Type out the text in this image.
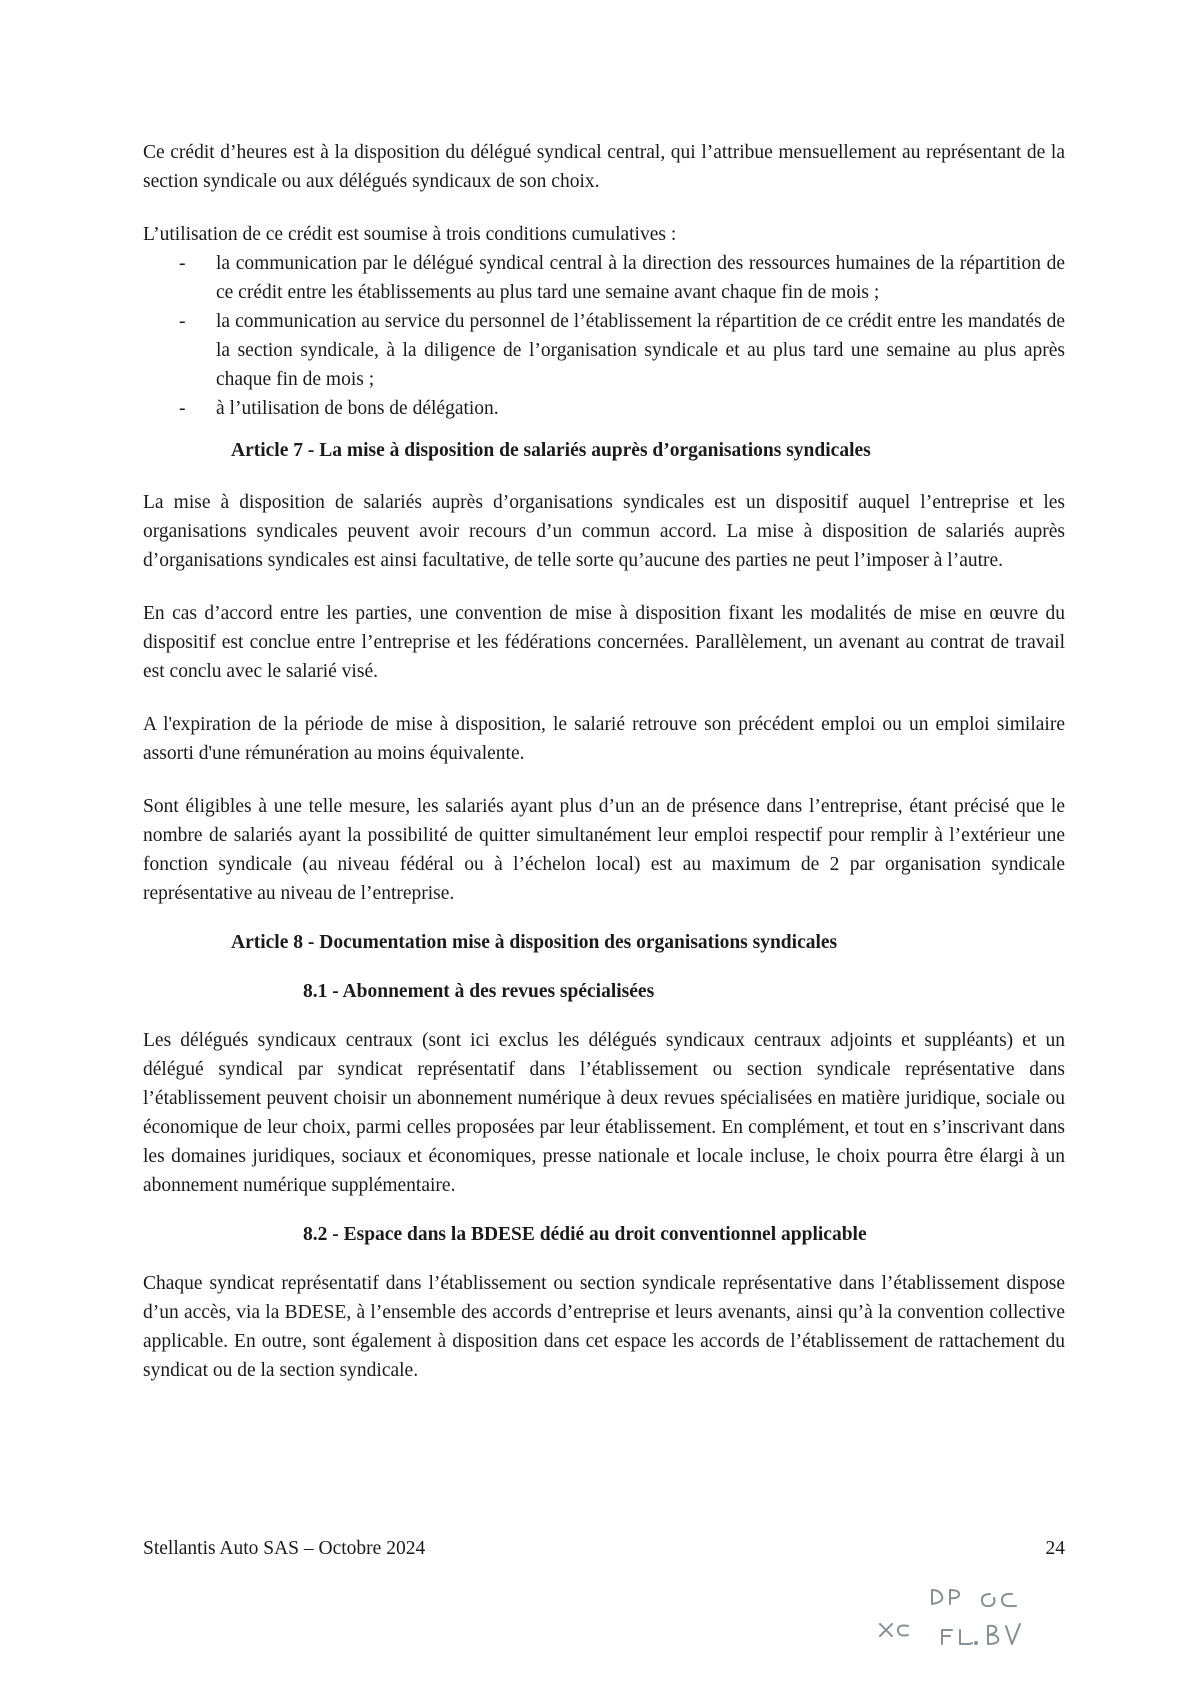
Ce crédit d’heures est à la disposition du délégué syndical central, qui l’attribue mensuellement au représentant de la section syndicale ou aux délégués syndicaux de son choix.

L’utilisation de ce crédit est soumise à trois conditions cumulatives :

- la communication par le délégué syndical central à la direction des ressources humaines de la répartition de ce crédit entre les établissements au plus tard une semaine avant chaque fin de mois ;
- la communication au service du personnel de l’établissement la répartition de ce crédit entre les mandatés de la section syndicale, à la diligence de l’organisation syndicale et au plus tard une semaine au plus après chaque fin de mois ;
- à l’utilisation de bons de délégation.
Article 7 - La mise à disposition de salariés auprès d’organisations syndicales

La mise à disposition de salariés auprès d’organisations syndicales est un dispositif auquel l’entreprise et les organisations syndicales peuvent avoir recours d’un commun accord. La mise à disposition de salariés auprès d’organisations syndicales est ainsi facultative, de telle sorte qu’aucune des parties ne peut l’imposer à l’autre.

En cas d’accord entre les parties, une convention de mise à disposition fixant les modalités de mise en œuvre du dispositif est conclue entre l’entreprise et les fédérations concernées. Parallèlement, un avenant au contrat de travail est conclu avec le salarié visé.

A l'expiration de la période de mise à disposition, le salarié retrouve son précédent emploi ou un emploi similaire assorti d'une rémunération au moins équivalente.

Sont éligibles à une telle mesure, les salariés ayant plus d’un an de présence dans l’entreprise, étant précisé que le nombre de salariés ayant la possibilité de quitter simultanément leur emploi respectif pour remplir à l’extérieur une fonction syndicale (au niveau fédéral ou à l’échelon local) est au maximum de 2 par organisation syndicale représentative au niveau de l’entreprise.

Article 8 - Documentation mise à disposition des organisations syndicales
8.1 - Abonnement à des revues spécialisées

Les délégués syndicaux centraux (sont ici exclus les délégués syndicaux centraux adjoints et suppléants) et un délégué syndical par syndicat représentatif dans l’établissement ou section syndicale représentative dans l’établissement peuvent choisir un abonnement numérique à deux revues spécialisées en matière juridique, sociale ou économique de leur choix, parmi celles proposées par leur établissement. En complément, et tout en s’inscrivant dans les domaines juridiques, sociaux et économiques, presse nationale et locale incluse, le choix pourra être élargi à un abonnement numérique supplémentaire.

8.2 - Espace dans la BDESE dédié au droit conventionnel applicable

Chaque syndicat représentatif dans l’établissement ou section syndicale représentative dans l’établissement dispose d’un accès, via la BDESE, à l’ensemble des accords d’entreprise et leurs avenants, ainsi qu’à la convention collective applicable. En outre, sont également à disposition dans cet espace les accords de l’établissement de rattachement du syndicat ou de la section syndicale.

Stellantis Auto SAS – Octobre 2024	24
